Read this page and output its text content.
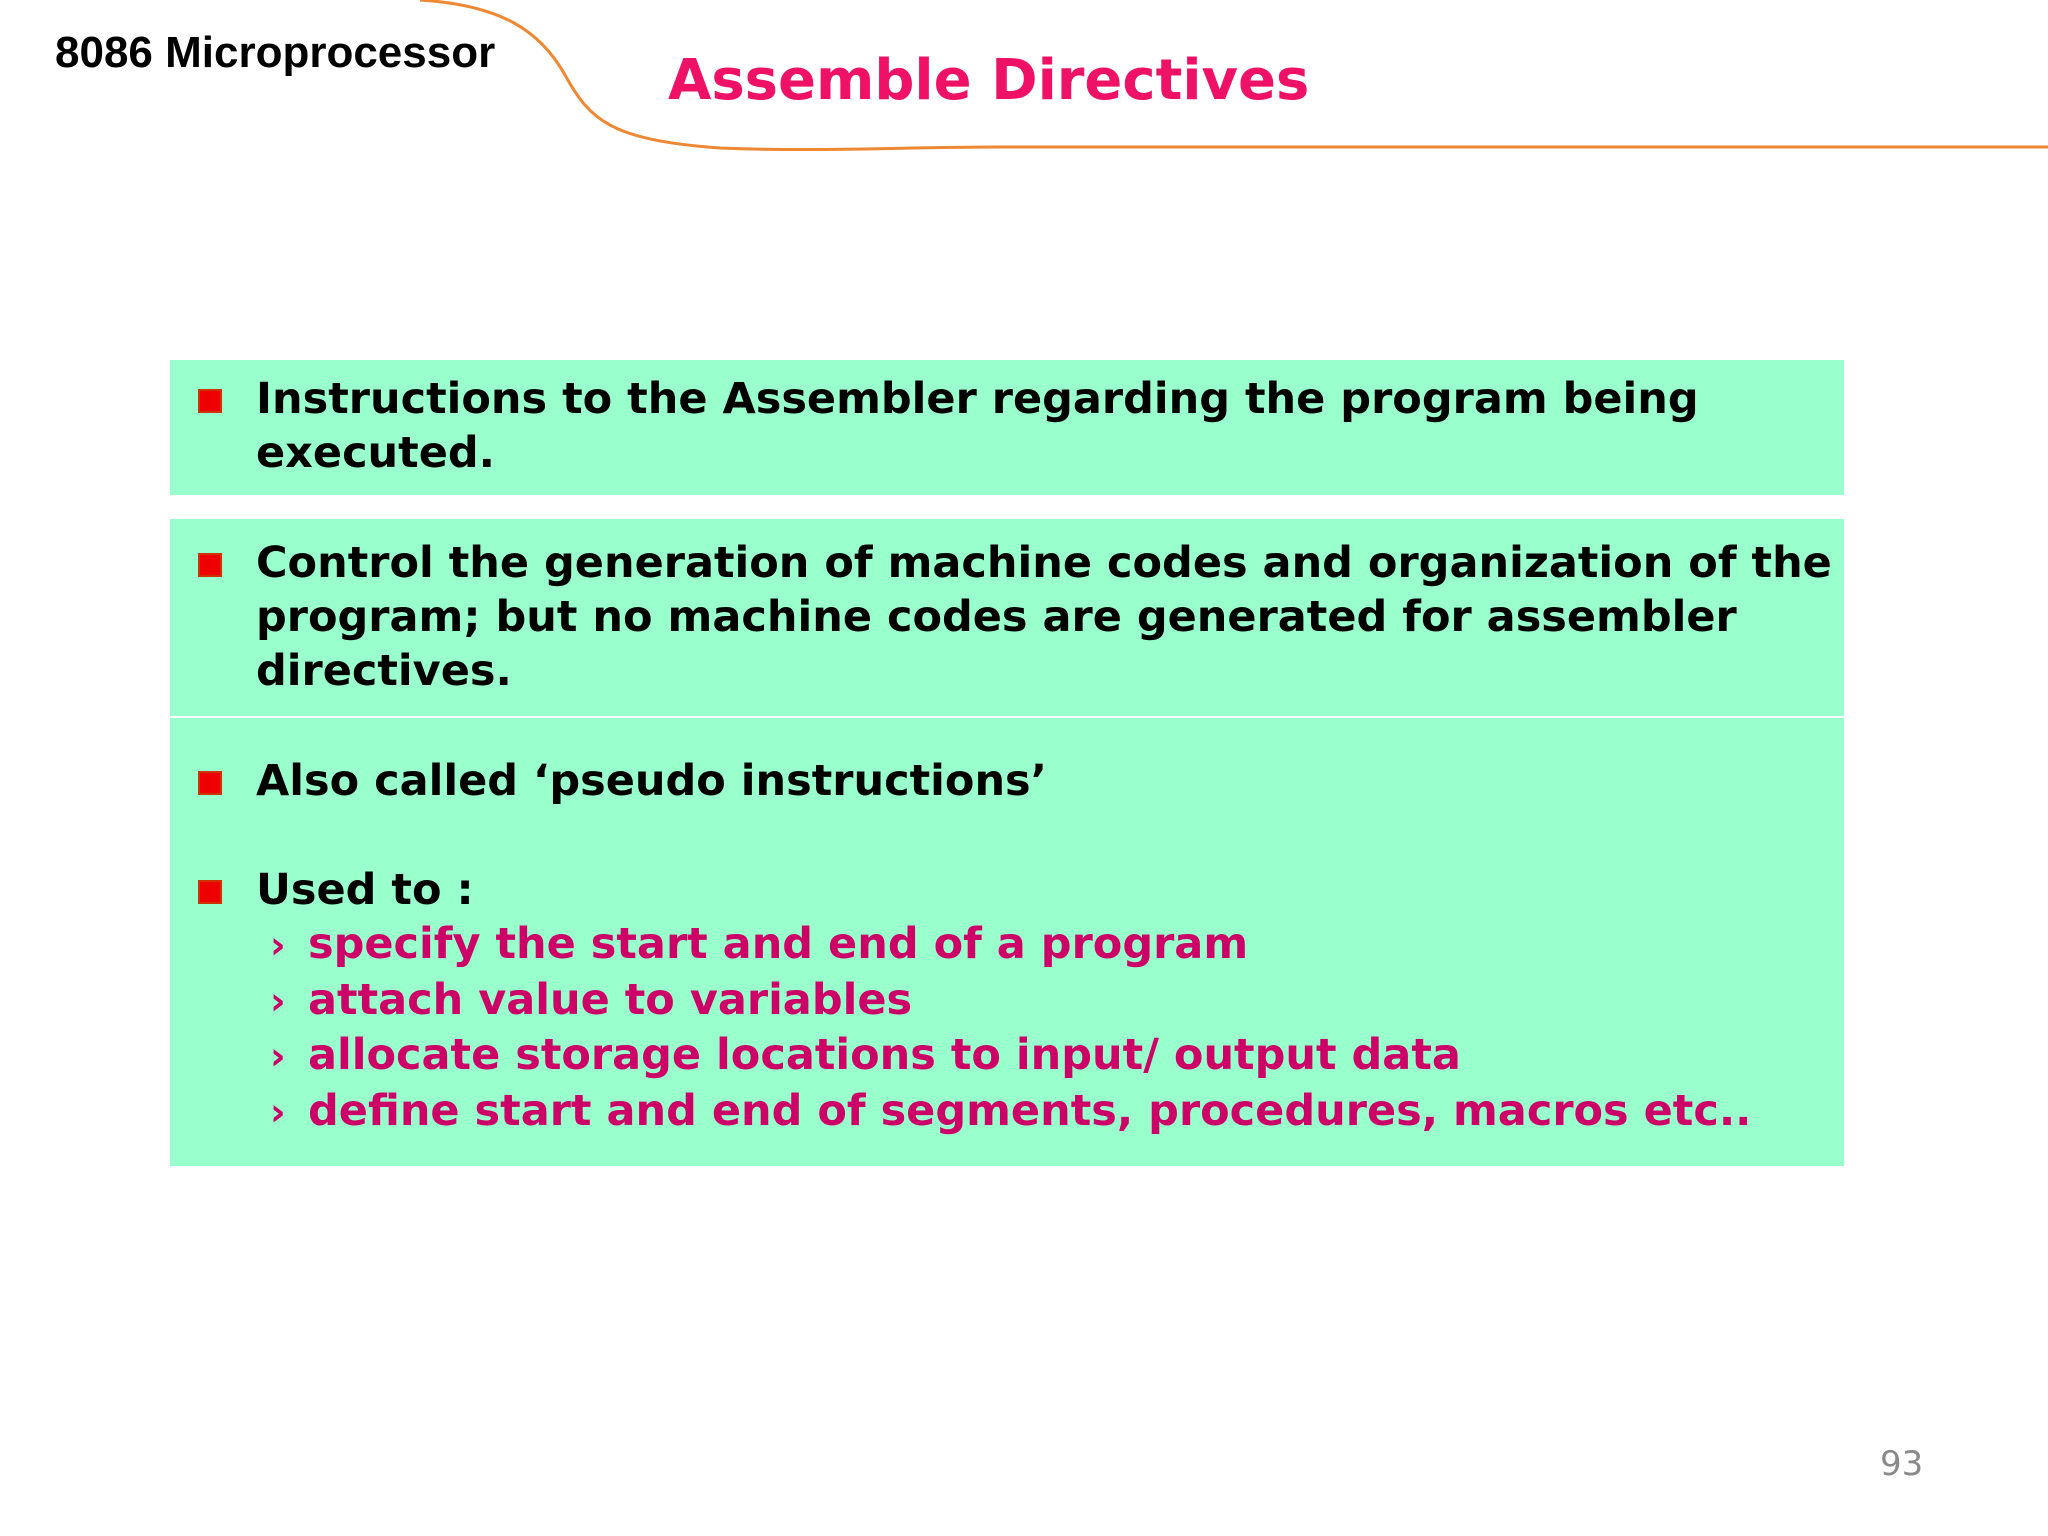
8086 Microprocessor	Assemble Directives
Instructions to the Assembler regarding the program being executed.
Control the generation of machine codes and organization of the program; but no machine codes are generated for assembler directives.
Also called ‘pseudo instructions’
Used to :
› specify the start and end of a program
› attach value to variables
› allocate storage locations to input/ output data
› define start and end of segments, procedures, macros etc..
93
